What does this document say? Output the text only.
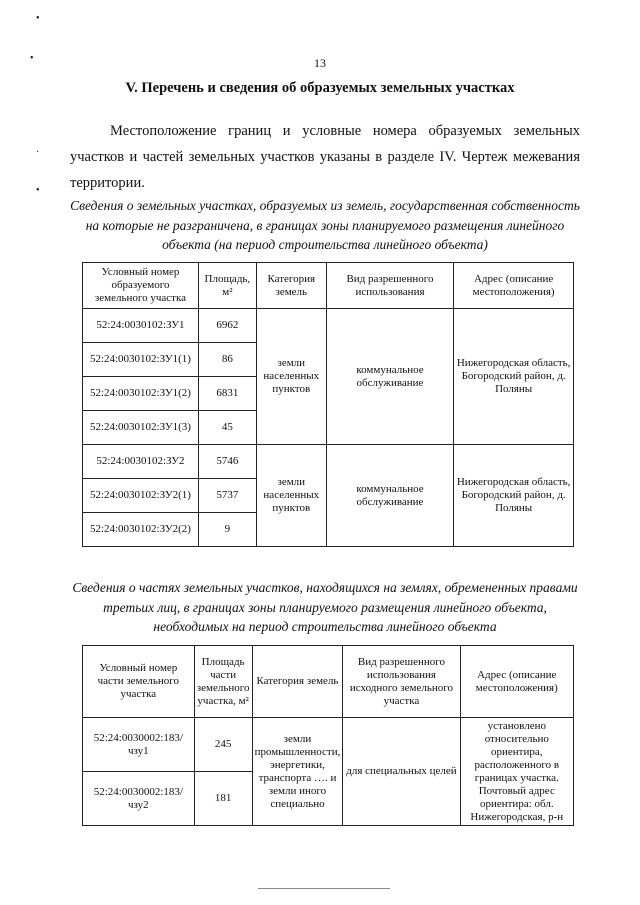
13
V. Перечень и сведения об образуемых земельных участках

Местоположение границ и условные номера образуемых земельных участков и частей земельных участков указаны в разделе IV. Чертеж межевания территории.

Сведения о земельных участках, образуемых из земель, государственная собственность на которые не разграничена, в границах зоны планируемого размещения линейного объекта (на период строительства линейного объекта)

Условный номер образуемого земельного участка	Площадь, м²	Категория земель	Вид разрешенного использования	Адрес (описание местоположения)
52:24:0030102:ЗУ1	6962	земли населенных пунктов	коммунальное обслуживание	Нижегородская область, Богородский район, д. Поляны
52:24:0030102:ЗУ1(1)	86			
52:24:0030102:ЗУ1(2)	6831			
52:24:0030102:ЗУ1(3)	45			
52:24:0030102:ЗУ2	5746	земли населенных пунктов	коммунальное обслуживание	Нижегородская область, Богородский район, д. Поляны
52:24:0030102:ЗУ2(1)	5737			
52:24:0030102:ЗУ2(2)	9			

Сведения о частях земельных участков, находящихся на землях, обремененных правами третьих лиц, в границах зоны планируемого размещения линейного объекта, необходимых на период строительства линейного объекта

Условный номер части земельного участка	Площадь части земельного участка, м²	Категория земель	Вид разрешенного использования исходного земельного участка	Адрес (описание местоположения)
52:24:0030002:183/чзу1	245	земли промышленности, энергетики, транспорта …. и земли иного специально	для специальных целей	установлено относительно ориентира, расположенного в границах участка. Почтовый адрес ориентира: обл. Нижегородская, р-н
52:24:0030002:183/чзу2	181			
•
•
·
•
